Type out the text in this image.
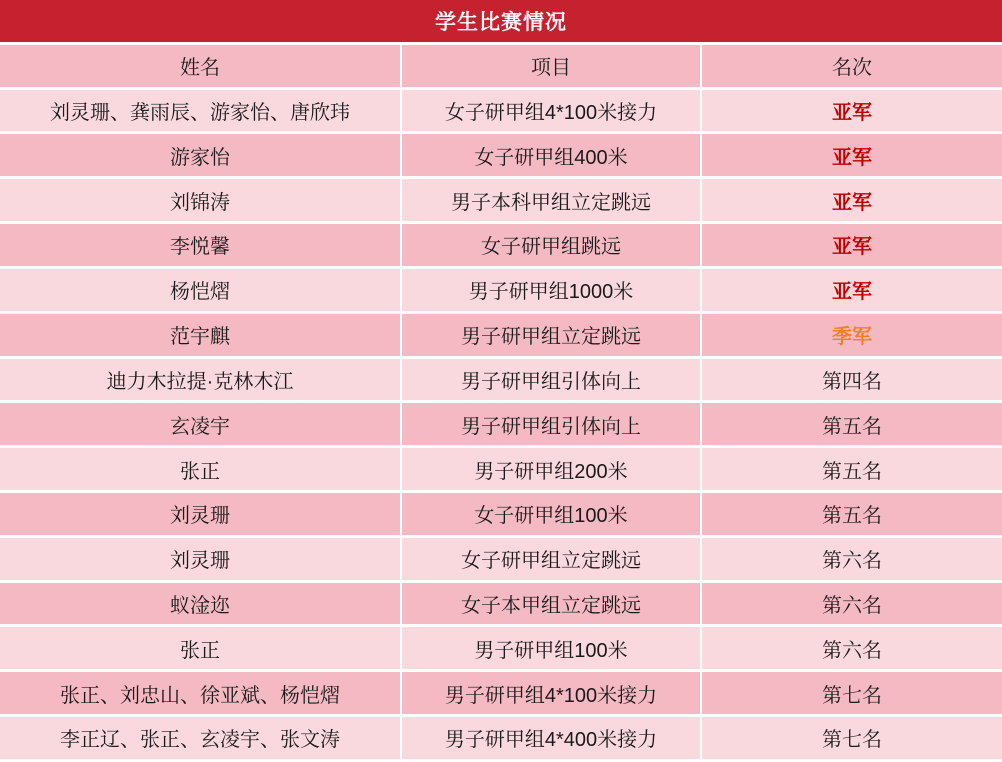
学生比赛情况
姓名	项目	名次
刘灵珊、龚雨辰、游家怡、唐欣玮	女子研甲组4*100米接力	亚军
游家怡	女子研甲组400米	亚军
刘锦涛	男子本科甲组立定跳远	亚军
李悦馨	女子研甲组跳远	亚军
杨恺熠	男子研甲组1000米	亚军
范宇麒	男子研甲组立定跳远	季军
迪力木拉提·克林木江	男子研甲组引体向上	第四名
玄凌宇	男子研甲组引体向上	第五名
张正	男子研甲组200米	第五名
刘灵珊	女子研甲组100米	第五名
刘灵珊	女子研甲组立定跳远	第六名
蚁淦迩	女子本甲组立定跳远	第六名
张正	男子研甲组100米	第六名
张正、刘忠山、徐亚斌、杨恺熠	男子研甲组4*100米接力	第七名
李正辽、张正、玄凌宇、张文涛	男子研甲组4*400米接力	第七名
